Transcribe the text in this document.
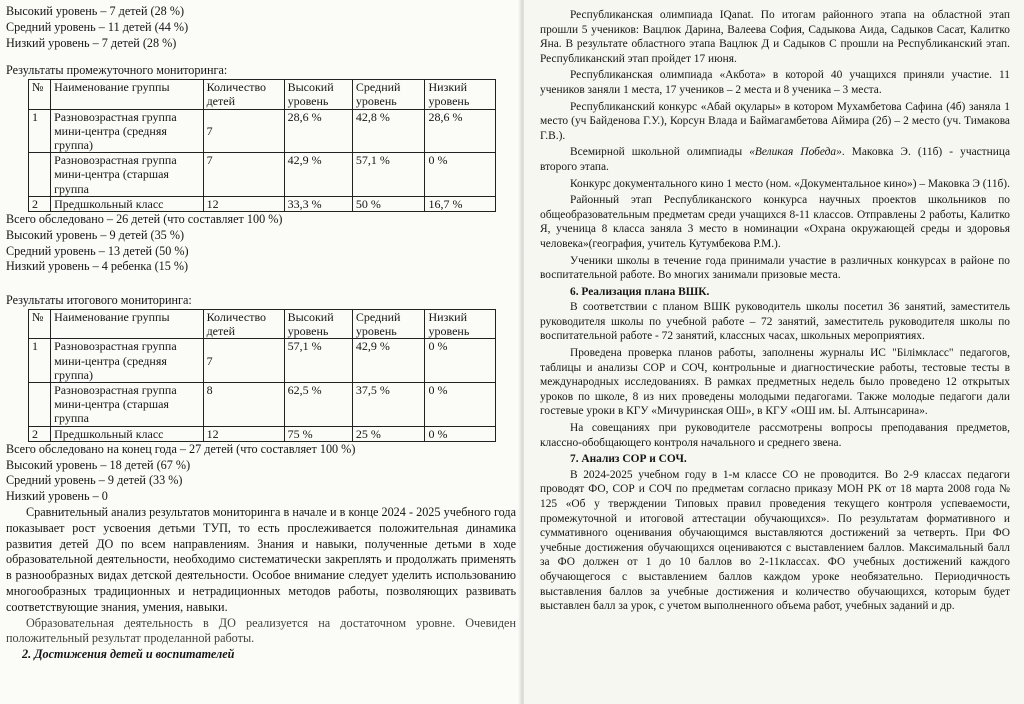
Высокий уровень – 7 детей (28 %)

Средний уровень – 11 детей (44 %)

Низкий уровень – 7 детей (28 %)

Результаты промежуточного мониторинга:

№	Наименование группы	Количество детей	Высокий уровень	Средний уровень	Низкий уровень
1	Разновозрастная группа мини-центра (средняя группа)	7	28,6 %	42,8 %	28,6 %
	Разновозрастная группа мини-центра (старшая группа	7	42,9 %	57,1 %	0 %
2	Предшкольный класс	12	33,3 %	50 %	16,7 %

Всего обследовано – 26 детей (что составляет 100 %)

Высокий уровень – 9 детей (35 %)

Средний уровень – 13 детей (50 %)

Низкий уровень – 4 ребенка (15 %)

Результаты итогового мониторинга:

№	Наименование группы	Количество детей	Высокий уровень	Средний уровень	Низкий уровень
1	Разновозрастная группа мини-центра (средняя группа)	7	57,1 %	42,9 %	0 %
	Разновозрастная группа мини-центра (старшая группа	8	62,5 %	37,5 %	0 %
2	Предшкольный класс	12	75 %	25 %	0 %

Всего обследовано на конец года – 27 детей (что составляет 100 %)

Высокий уровень – 18 детей (67 %)

Средний уровень – 9 детей (33 %)

Низкий уровень – 0

Сравнительный анализ результатов мониторинга в начале и в конце 2024 - 2025 учебного года показывает рост усвоения детьми ТУП, то есть прослеживается положительная динамика развития детей ДО по всем направлениям. Знания и навыки, полученные детьми в ходе образовательной деятельности, необходимо систематически закреплять и продолжать применять в разнообразных видах детской деятельности. Особое внимание следует уделить использованию многообразных традиционных и нетрадиционных методов работы, позволяющих развивать соответствующие знания, умения, навыки.

Образовательная деятельность в ДО реализуется на достаточном уровне. Очевиден положительный результат проделанной работы.

2. Достижения детей и воспитателей

Республиканская олимпиада IQanat. По итогам районного этапа на областной этап прошли 5 учеников: Вацлюк Дарина, Валеева София, Садыкова Аида, Садыков Сасат, Калитко Яна. В результате областного этапа Вацлюк Д и Садыков С прошли на Республиканский этап. Республиканский этап пройдет 17 июня.

Республиканская олимпиада «Акбота» в которой 40 учащихся приняли участие. 11 учеников заняли 1 места, 17 учеников – 2 места и 8 ученика – 3 места.

Республиканский конкурс «Абай оқулары» в котором Мухамбетова Сафина (4б) заняла 1 место (уч Байденова Г.У.), Корсун Влада и Баймагамбетова Аймира (2б) – 2 место (уч. Тимакова Г.В.).

Всемирной школьной олимпиады «Великая Победа». Маковка Э. (11б) - участница второго этапа.

Конкурс документального кино 1 место (ном. «Документальное кино») – Маковка Э (11б).

Районный этап Республиканского конкурса научных проектов школьников по общеобразовательным предметам среди учащихся 8-11 классов. Отправлены 2 работы, Калитко Я, ученица 8 класса заняла 3 место в номинации «Охрана окружающей среды и здоровья человека»(география, учитель Кутумбекова Р.М.).

Ученики школы в течение года принимали участие в различных конкурсах в районе по воспитательной работе. Во многих занимали призовые места.

6. Реализация плана ВШК.

В соответствии с планом ВШК руководитель школы посетил 36 занятий, заместитель руководителя школы по учебной работе – 72 занятий, заместитель руководителя школы по воспитательной работе - 72 занятий, классных часах, школьных мероприятиях.

Проведена проверка планов работы, заполнены журналы ИС "Білімкласс" педагогов, таблицы и анализы СОР и СОЧ, контрольные и диагностические работы, тестовые тесты в международных исследованиях. В рамках предметных недель было проведено 12 открытых уроков по школе, 8 из них проведены молодыми педагогами. Также молодые педагоги дали гостевые уроки в КГУ «Мичуринская ОШ», в КГУ «ОШ им. Ы. Алтынсарина».

На совещаниях при руководителе рассмотрены вопросы преподавания предметов, классно-обобщающего контроля начального и среднего звена.

7. Анализ СОР и СОЧ.

В 2024-2025 учебном году в 1-м классе СО не проводится. Во 2-9 классах педагоги проводят ФО, СОР и СОЧ по предметам согласно приказу МОН РК от 18 марта 2008 года № 125 «Об у тверждении Типовых правил проведения текущего контроля успеваемости, промежуточной и итоговой аттестации обучающихся». По результатам формативного и суммативного оценивания обучающимся выставляются достижений за четверть. При ФО учебные достижения обучающихся оцениваются с выставлением баллов. Максимальный балл за ФО должен от 1 до 10 баллов во 2-11классах. ФО учебных достижений каждого обучающегося с выставлением баллов каждом уроке необязательно. Периодичность выставления баллов за учебные достижения и количество обучающихся, которым будет выставлен балл за урок, с учетом выполненного объема работ, учебных заданий и др.
